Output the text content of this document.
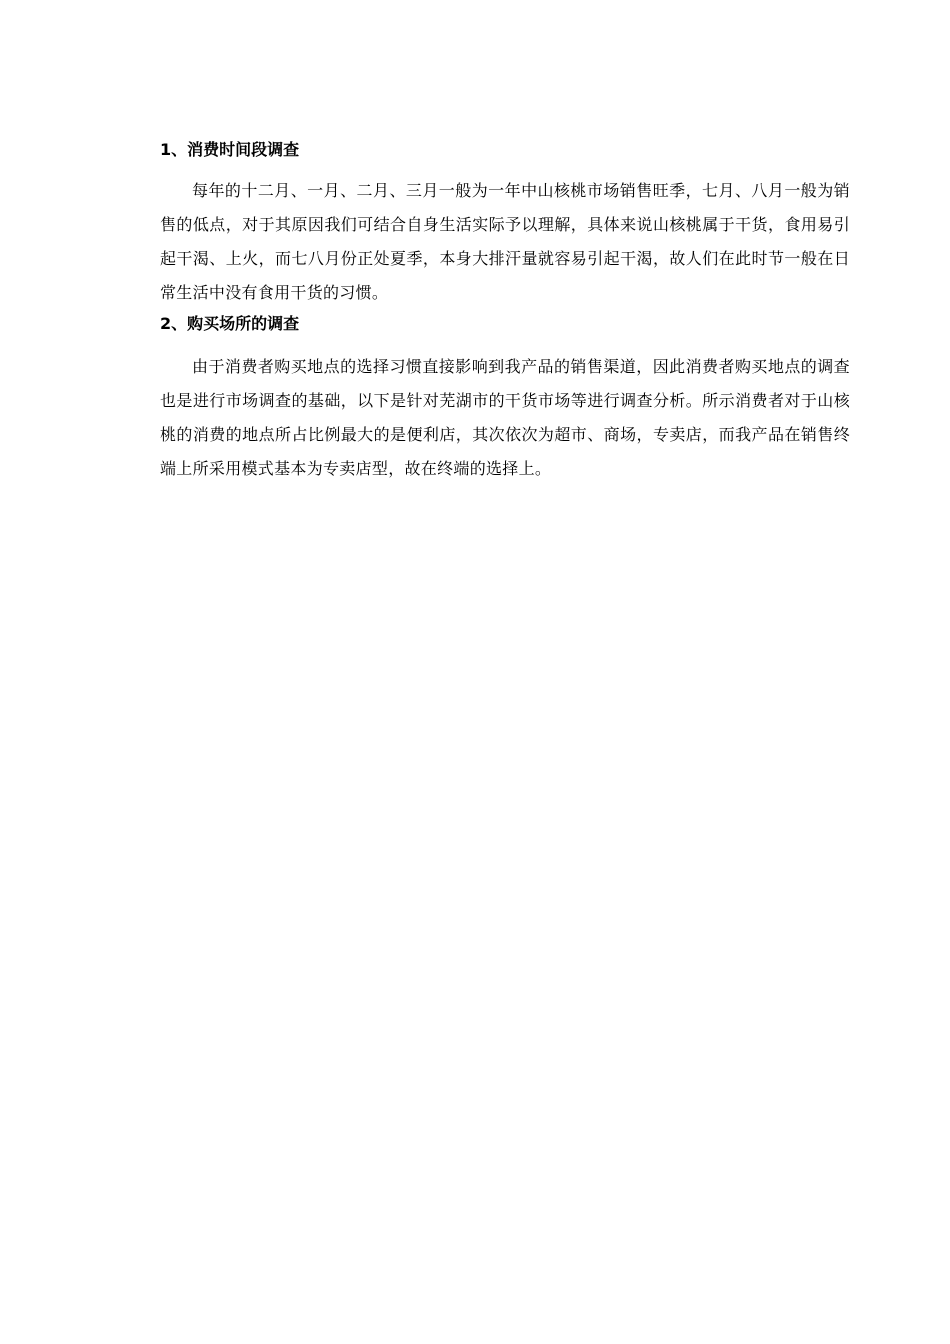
1、消费时间段调查

每年的十二月、一月、二月、三月一般为一年中山核桃市场销售旺季，七月、八月一般为销售的低点，对于其原因我们可结合自身生活实际予以理解，具体来说山核桃属于干货，食用易引起干渴、上火，而七八月份正处夏季，本身大排汗量就容易引起干渴，故人们在此时节一般在日常生活中没有食用干货的习惯。

2、购买场所的调查

由于消费者购买地点的选择习惯直接影响到我产品的销售渠道，因此消费者购买地点的调查也是进行市场调查的基础，以下是针对芜湖市的干货市场等进行调查分析。所示消费者对于山核桃的消费的地点所占比例最大的是便利店，其次依次为超市、商场，专卖店，而我产品在销售终端上所采用模式基本为专卖店型，故在终端的选择上。
